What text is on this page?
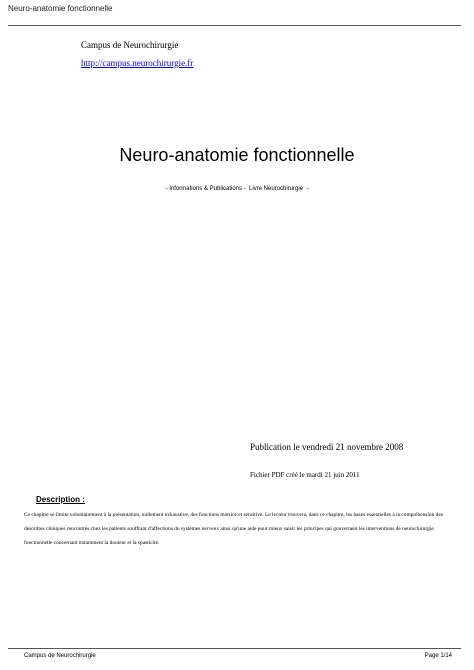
Neuro-anatomie fonctionnelle
Campus de Neurochirurgie
http://campus.neurochirurgie.fr
Neuro-anatomie fonctionnelle
- Informations & Publications -  Livre Neurochirurgie  -
Publication le vendredi 21 novembre 2008
Fichier PDF créé le mardi 21 juin 2011
Description :
Ce chapitre se limite volontairement à la présentation, nullement exhaustive, des fonctions motrice et sensitive. Le lecteur trouvera, dans ce chapitre, les bases essentielles à la compréhension des désordres cliniques rencontrés chez les patients souffrant d'affections du systèmes nerveux ainsi qu'une aide pour mieux saisir les principes qui gouvernent les interventions de neurochirurgie fonctionnelle concernant notamment la douleur et la spasticité.
Campus de Neurochirurgie	Page 1/14
